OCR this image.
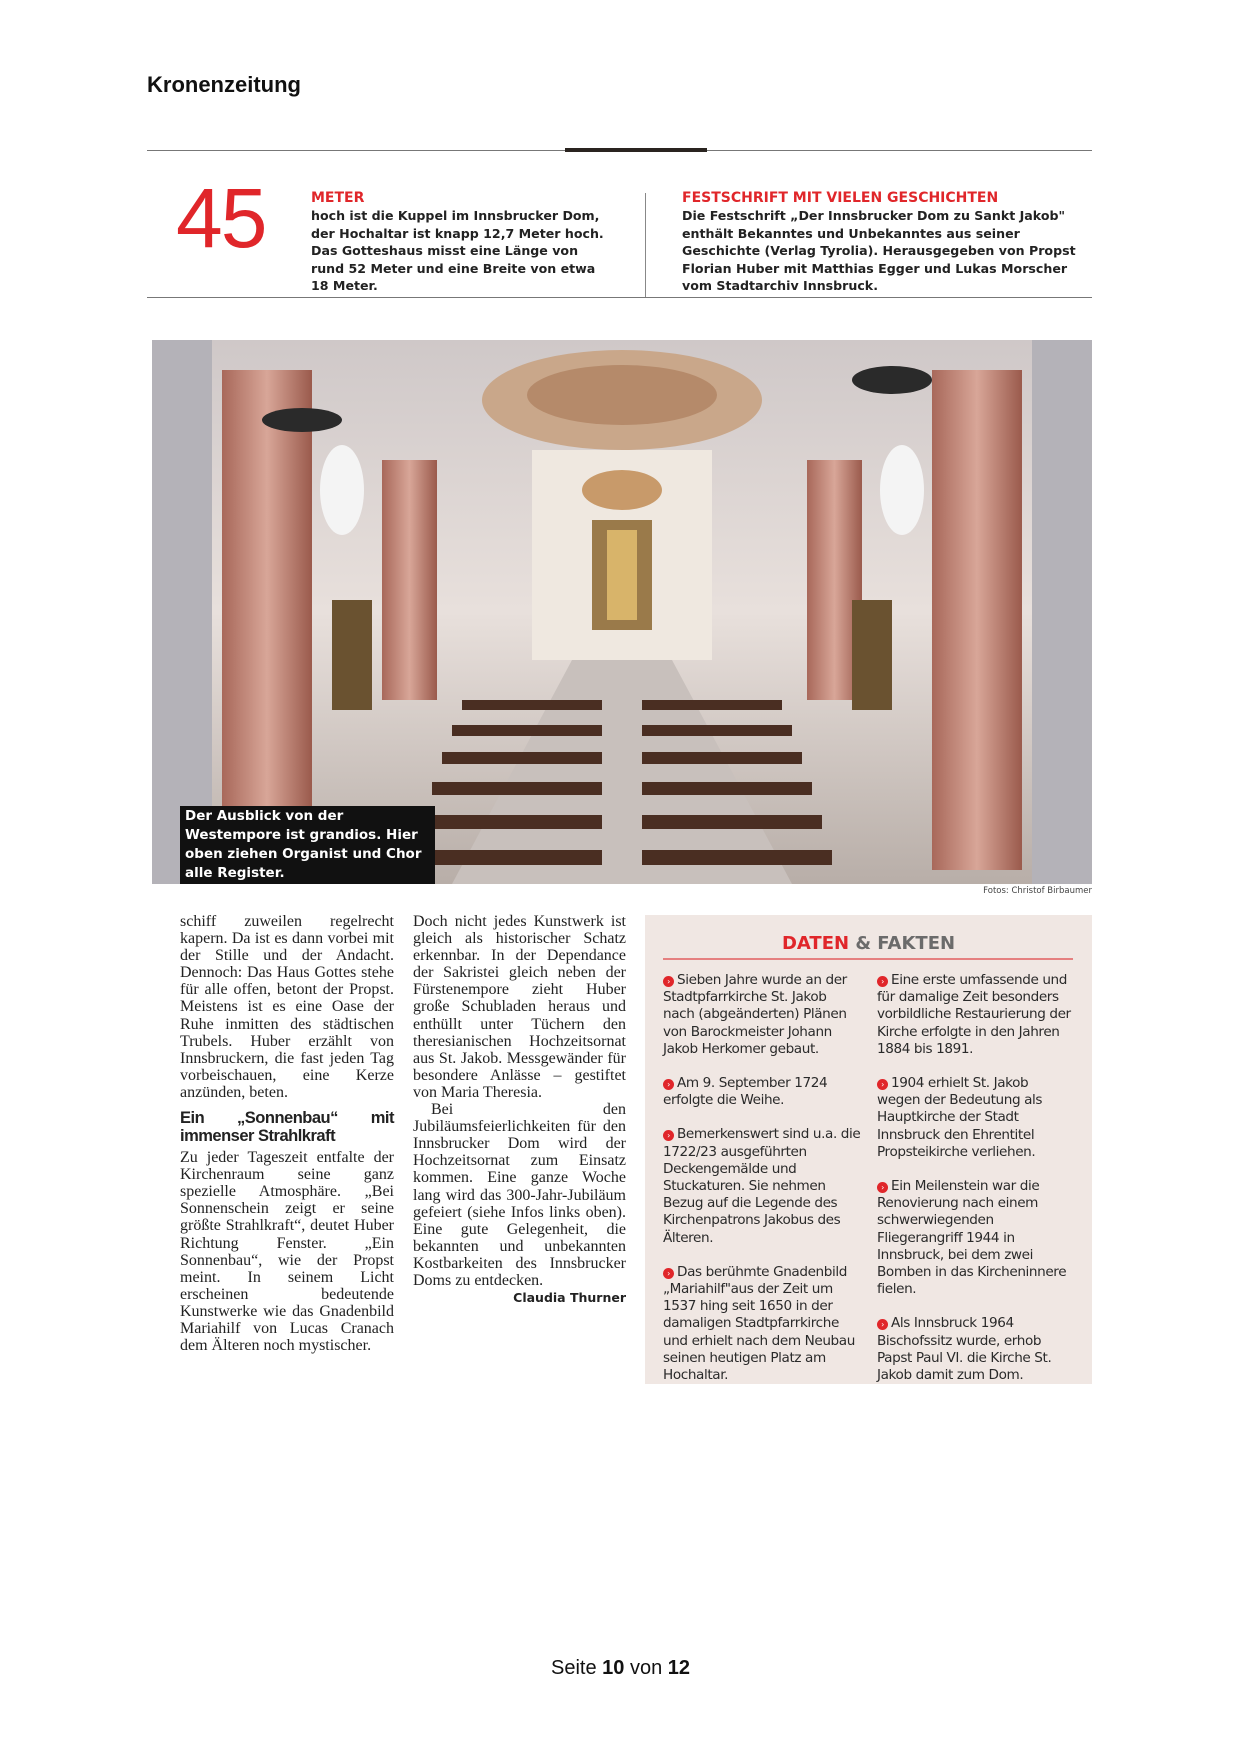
Kronenzeitung
45	METER

hoch ist die Kuppel im Innsbrucker Dom, der Hochaltar ist knapp 12,7 Meter hoch. Das Gotteshaus misst eine Länge von rund 52 Meter und eine Breite von etwa 18 Meter.

FESTSCHRIFT MIT VIELEN GESCHICHTEN

Die Festschrift „Der Innsbrucker Dom zu Sankt Jakob" enthält Bekanntes und Unbekanntes aus seiner Geschichte (Verlag Tyrolia). Herausgegeben von Propst Florian Huber mit Matthias Egger und Lukas Morscher vom Stadtarchiv Innsbruck.

Der Ausblick von der Westempore ist grandios. Hier oben ziehen Organist und Chor alle Register.
Fotos: Christof Birbaumer

schiff zuweilen regelrecht kapern. Da ist es dann vorbei mit der Stille und der Andacht. Dennoch: Das Haus Gottes stehe für alle offen, betont der Propst. Meistens ist es eine Oase der Ruhe inmitten des städtischen Trubels. Huber erzählt von Innsbruckern, die fast jeden Tag vorbeischauen, eine Kerze anzünden, beten.

Ein „Sonnenbau“ mit immenser Strahlkraft

Zu jeder Tageszeit entfalte der Kirchenraum seine ganz spezielle Atmosphäre. „Bei Sonnenschein zeigt er seine größte Strahlkraft“, deutet Huber Richtung Fenster. „Ein Sonnenbau“, wie der Propst meint. In seinem Licht erscheinen bedeutende Kunstwerke wie das Gnadenbild Mariahilf von Lucas Cranach dem Älteren noch mystischer.

Doch nicht jedes Kunstwerk ist gleich als historischer Schatz erkennbar. In der Dependance der Sakristei gleich neben der Fürstenempore zieht Huber große Schubladen heraus und enthüllt unter Tüchern den theresianischen Hochzeitsornat aus St. Jakob. Messgewänder für besondere Anlässe – gestiftet von Maria Theresia.

Bei den Jubiläumsfeierlichkeiten für den Innsbrucker Dom wird der Hochzeitsornat zum Einsatz kommen. Eine ganze Woche lang wird das 300-Jahr-Jubiläum gefeiert (siehe Infos links oben). Eine gute Gelegenheit, die bekannten und unbekannten Kostbarkeiten des Innsbrucker Doms zu entdecken.

Claudia Thurner
DATEN & FAKTEN

› Sieben Jahre wurde an der Stadtpfarrkirche St. Jakob nach (abgeänderten) Plänen von Barockmeister Johann Jakob Herkomer gebaut.

› Am 9. September 1724 erfolgte die Weihe.

› Bemerkenswert sind u.a. die 1722/23 ausgeführten Deckengemälde und Stuckaturen. Sie nehmen Bezug auf die Legende des Kirchenpatrons Jakobus des Älteren.

› Das berühmte Gnadenbild „Mariahilf"aus der Zeit um 1537 hing seit 1650 in der damaligen Stadtpfarrkirche und erhielt nach dem Neubau seinen heutigen Platz am Hochaltar.

› Eine erste umfassende und für damalige Zeit besonders vorbildliche Restaurierung der Kirche erfolgte in den Jahren 1884 bis 1891.

› 1904 erhielt St. Jakob wegen der Bedeutung als Hauptkirche der Stadt Innsbruck den Ehrentitel Propsteikirche verliehen.

› Ein Meilenstein war die Renovierung nach einem schwerwiegenden Fliegerangriff 1944 in Innsbruck, bei dem zwei Bomben in das Kircheninnere fielen.

› Als Innsbruck 1964 Bischofssitz wurde, erhob Papst Paul VI. die Kirche St. Jakob damit zum Dom.

Seite 10 von 12
